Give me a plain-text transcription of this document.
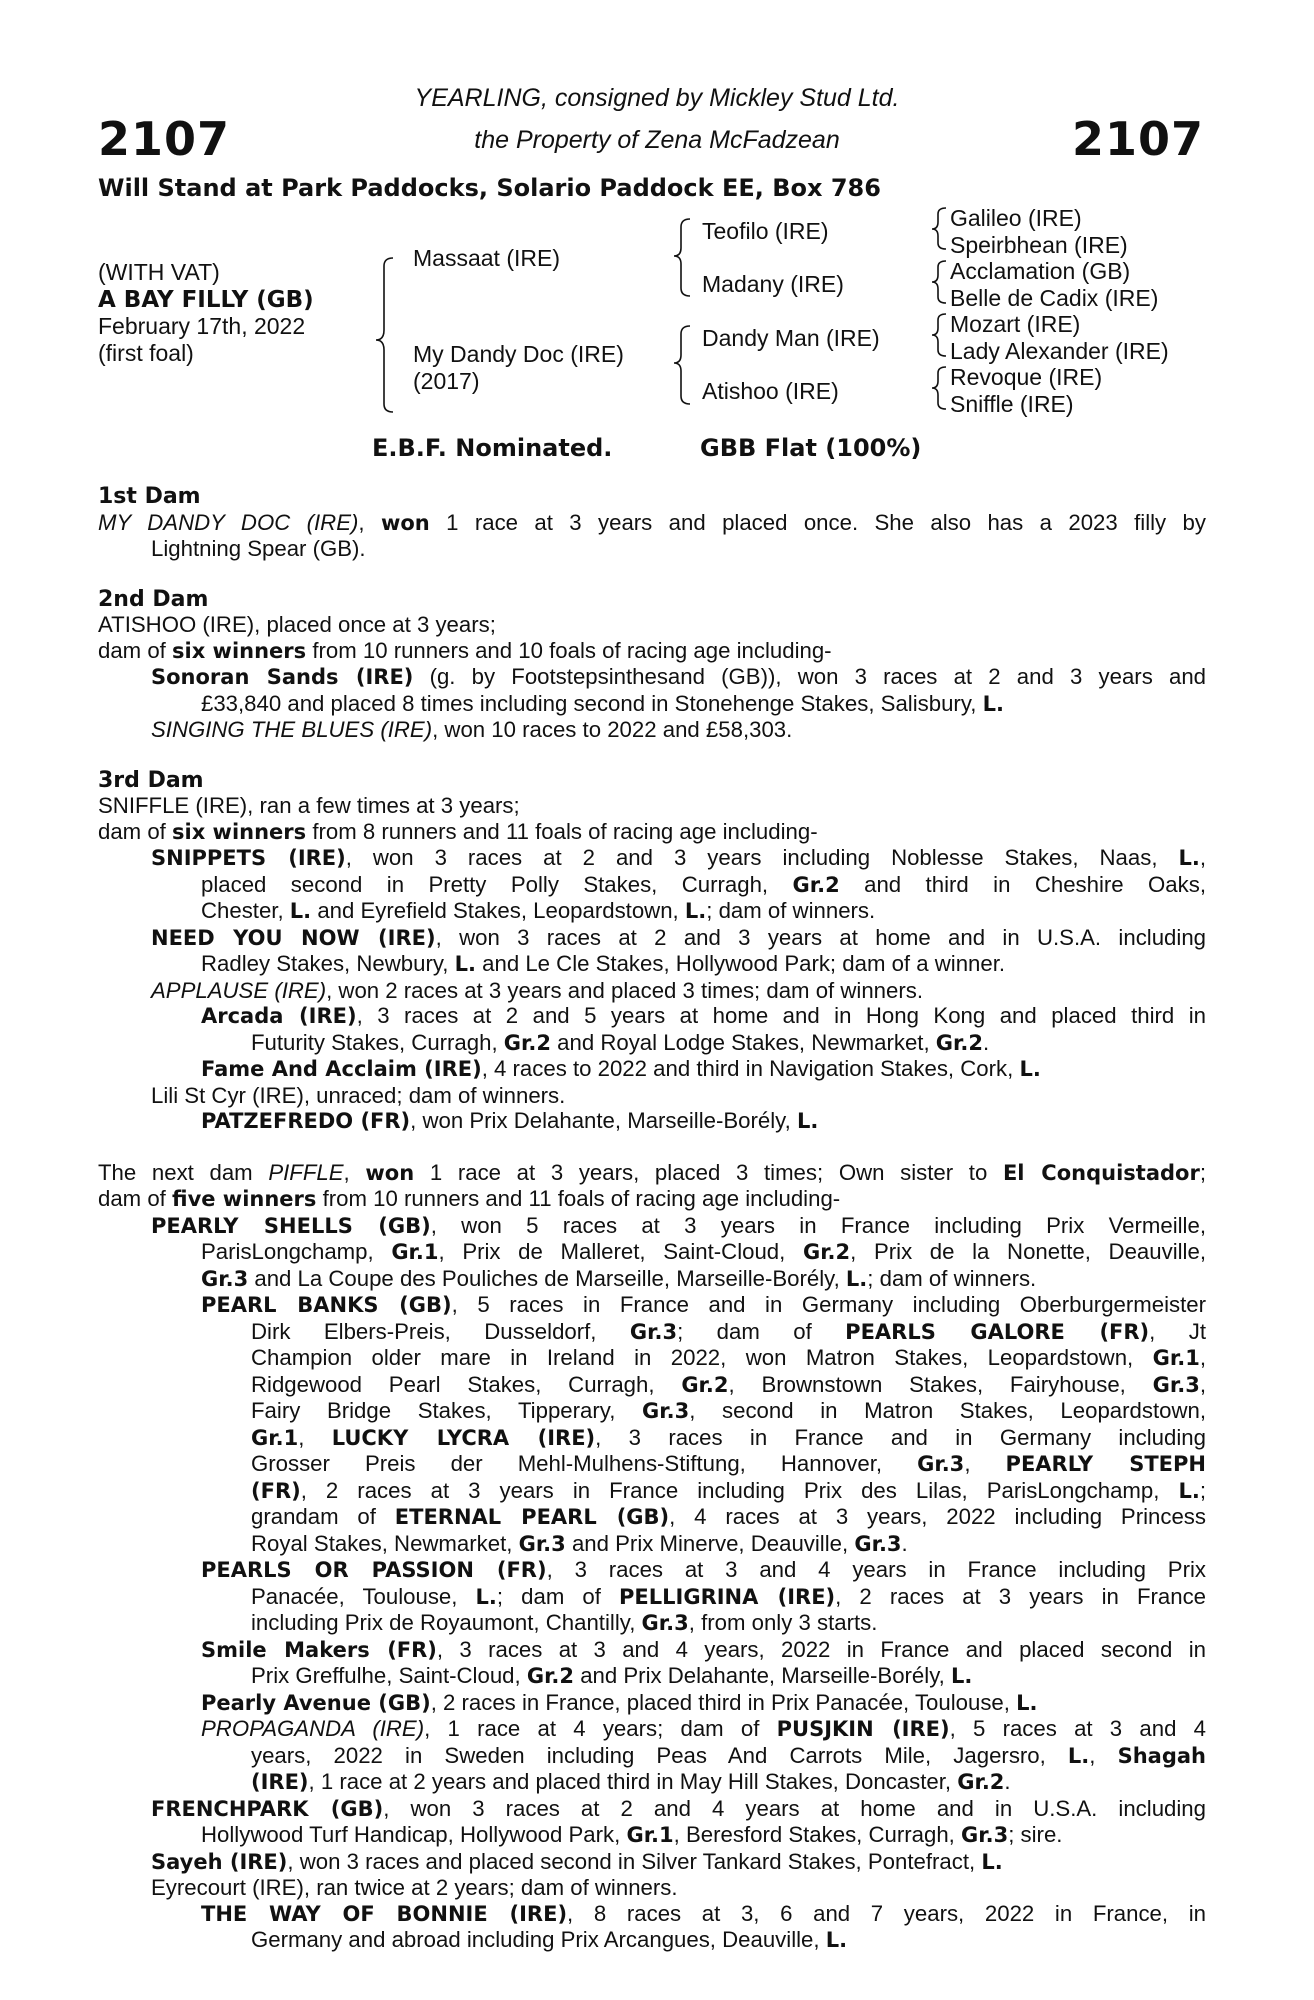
2107	2107
YEARLING, consigned by Mickley Stud Ltd.
the Property of Zena McFadzean
Will Stand at Park Paddocks, Solario Paddock EE, Box 786
(WITH VAT)
A BAY FILLY (GB)
February 17th, 2022
(first foal)
Massaat (IRE)
My Dandy Doc (IRE)
(2017)
Teofilo (IRE)
Madany (IRE)
Dandy Man (IRE)
Atishoo (IRE)
Galileo (IRE)
Speirbhean (IRE)
Acclamation (GB)
Belle de Cadix (IRE)
Mozart (IRE)
Lady Alexander (IRE)
Revoque (IRE)
Sniffle (IRE)
E.B.F. Nominated.	GBB Flat (100%)
1st Dam
MY DANDY DOC (IRE), won 1 race at 3 years and placed once. She also has a 2023 filly by
Lightning Spear (GB).
2nd Dam
ATISHOO (IRE), placed once at 3 years;
dam of six winners from 10 runners and 10 foals of racing age including-
Sonoran Sands (IRE) (g. by Footstepsinthesand (GB)), won 3 races at 2 and 3 years and
£33,840 and placed 8 times including second in Stonehenge Stakes, Salisbury, L.
SINGING THE BLUES (IRE), won 10 races to 2022 and £58,303.
3rd Dam
SNIFFLE (IRE), ran a few times at 3 years;
dam of six winners from 8 runners and 11 foals of racing age including-
SNIPPETS (IRE), won 3 races at 2 and 3 years including Noblesse Stakes, Naas, L.,
placed second in Pretty Polly Stakes, Curragh, Gr.2 and third in Cheshire Oaks,
Chester, L. and Eyrefield Stakes, Leopardstown, L.; dam of winners.
NEED YOU NOW (IRE), won 3 races at 2 and 3 years at home and in U.S.A. including
Radley Stakes, Newbury, L. and Le Cle Stakes, Hollywood Park; dam of a winner.
APPLAUSE (IRE), won 2 races at 3 years and placed 3 times; dam of winners.
Arcada (IRE), 3 races at 2 and 5 years at home and in Hong Kong and placed third in
Futurity Stakes, Curragh, Gr.2 and Royal Lodge Stakes, Newmarket, Gr.2.
Fame And Acclaim (IRE), 4 races to 2022 and third in Navigation Stakes, Cork, L.
Lili St Cyr (IRE), unraced; dam of winners.
PATZEFREDO (FR), won Prix Delahante, Marseille-Borély, L.
The next dam PIFFLE, won 1 race at 3 years, placed 3 times; Own sister to El Conquistador;
dam of five winners from 10 runners and 11 foals of racing age including-
PEARLY SHELLS (GB), won 5 races at 3 years in France including Prix Vermeille,
ParisLongchamp, Gr.1, Prix de Malleret, Saint-Cloud, Gr.2, Prix de la Nonette, Deauville,
Gr.3 and La Coupe des Pouliches de Marseille, Marseille-Borély, L.; dam of winners.
PEARL BANKS (GB), 5 races in France and in Germany including Oberburgermeister
Dirk Elbers-Preis, Dusseldorf, Gr.3; dam of PEARLS GALORE (FR), Jt
Champion older mare in Ireland in 2022, won Matron Stakes, Leopardstown, Gr.1,
Ridgewood Pearl Stakes, Curragh, Gr.2, Brownstown Stakes, Fairyhouse, Gr.3,
Fairy Bridge Stakes, Tipperary, Gr.3, second in Matron Stakes, Leopardstown,
Gr.1, LUCKY LYCRA (IRE), 3 races in France and in Germany including
Grosser Preis der Mehl-Mulhens-Stiftung, Hannover, Gr.3, PEARLY STEPH
(FR), 2 races at 3 years in France including Prix des Lilas, ParisLongchamp, L.;
grandam of ETERNAL PEARL (GB), 4 races at 3 years, 2022 including Princess
Royal Stakes, Newmarket, Gr.3 and Prix Minerve, Deauville, Gr.3.
PEARLS OR PASSION (FR), 3 races at 3 and 4 years in France including Prix
Panacée, Toulouse, L.; dam of PELLIGRINA (IRE), 2 races at 3 years in France
including Prix de Royaumont, Chantilly, Gr.3, from only 3 starts.
Smile Makers (FR), 3 races at 3 and 4 years, 2022 in France and placed second in
Prix Greffulhe, Saint-Cloud, Gr.2 and Prix Delahante, Marseille-Borély, L.
Pearly Avenue (GB), 2 races in France, placed third in Prix Panacée, Toulouse, L.
PROPAGANDA (IRE), 1 race at 4 years; dam of PUSJKIN (IRE), 5 races at 3 and 4
years, 2022 in Sweden including Peas And Carrots Mile, Jagersro, L., Shagah
(IRE), 1 race at 2 years and placed third in May Hill Stakes, Doncaster, Gr.2.
FRENCHPARK (GB), won 3 races at 2 and 4 years at home and in U.S.A. including
Hollywood Turf Handicap, Hollywood Park, Gr.1, Beresford Stakes, Curragh, Gr.3; sire.
Sayeh (IRE), won 3 races and placed second in Silver Tankard Stakes, Pontefract, L.
Eyrecourt (IRE), ran twice at 2 years; dam of winners.
THE WAY OF BONNIE (IRE), 8 races at 3, 6 and 7 years, 2022 in France, in
Germany and abroad including Prix Arcangues, Deauville, L.
